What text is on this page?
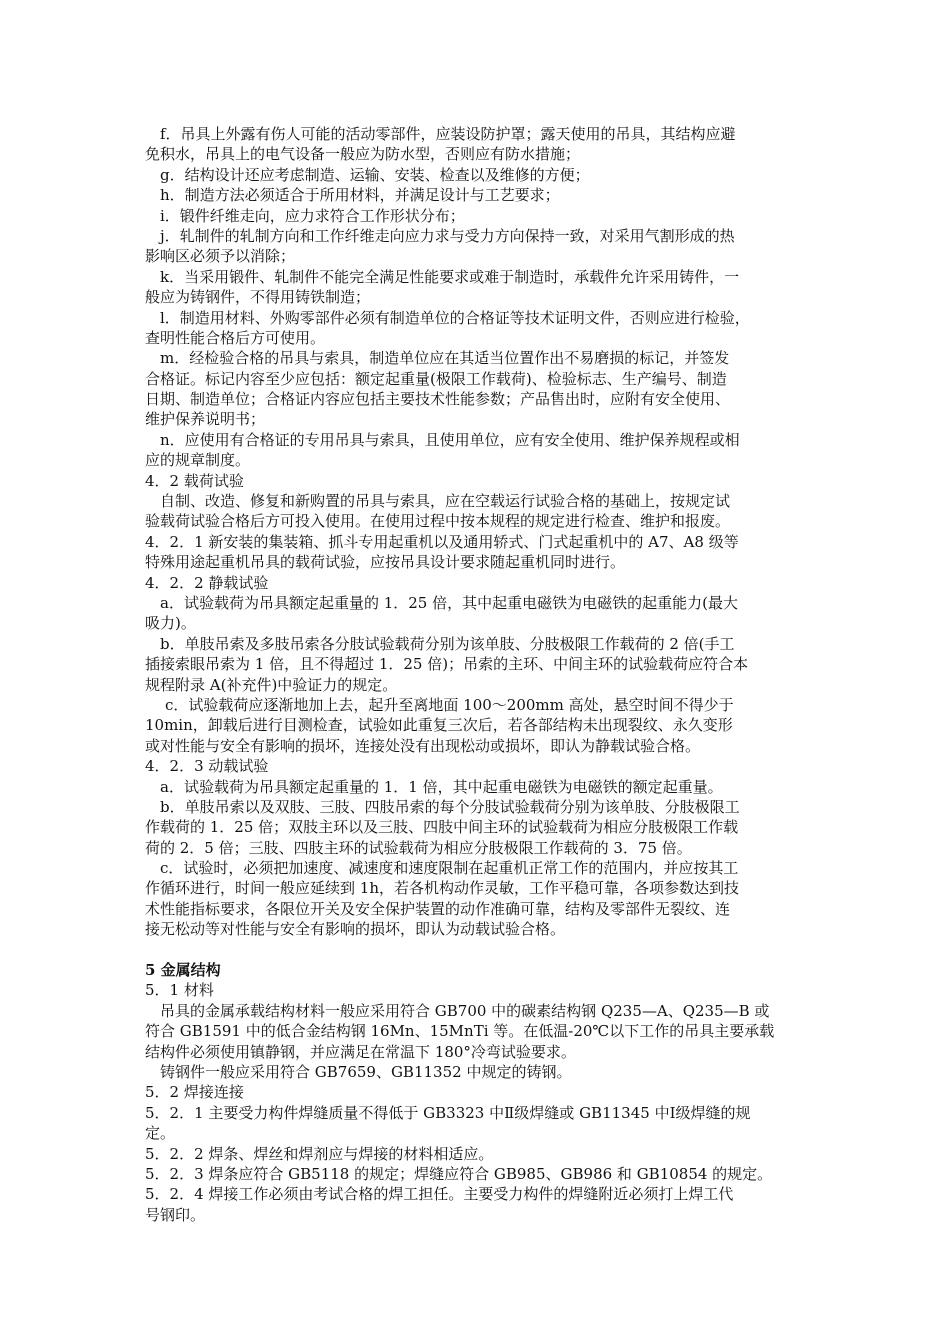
f．吊具上外露有伤人可能的活动零部件，应装设防护罩；露天使用的吊具，其结构应避
免积水，吊具上的电气设备一般应为防水型，否则应有防水措施；
g．结构设计还应考虑制造、运输、安装、检查以及维修的方便；
h．制造方法必须适合于所用材料，并满足设计与工艺要求；
i．锻件纤维走向，应力求符合工作形状分布；
j．轧制件的轧制方向和工作纤维走向应力求与受力方向保持一致，对采用气割形成的热
影响区必须予以消除；
k．当采用锻件、轧制件不能完全满足性能要求或难于制造时，承载件允许采用铸件，一
般应为铸钢件，不得用铸铁制造；
l．制造用材料、外购零部件必须有制造单位的合格证等技术证明文件，否则应进行检验，
查明性能合格后方可使用。
m．经检验合格的吊具与索具，制造单位应在其适当位置作出不易磨损的标记，并签发
合格证。标记内容至少应包括：额定起重量(极限工作载荷)、检验标志、生产编号、制造
日期、制造单位；合格证内容应包括主要技术性能参数；产品售出时，应附有安全使用、
维护保养说明书；
n．应使用有合格证的专用吊具与索具，且使用单位，应有安全使用、维护保养规程或相
应的规章制度。
4．2 载荷试验
自制、改造、修复和新购置的吊具与索具，应在空载运行试验合格的基础上，按规定试
验载荷试验合格后方可投入使用。在使用过程中按本规程的规定进行检查、维护和报废。
4．2．1 新安装的集装箱、抓斗专用起重机以及通用轿式、门式起重机中的 A7、A8 级等
特殊用途起重机吊具的载荷试验，应按吊具设计要求随起重机同时进行。
4．2．2 静载试验
a．试验载荷为吊具额定起重量的 1．25 倍，其中起重电磁铁为电磁铁的起重能力(最大
吸力)。
b．单肢吊索及多肢吊索各分肢试验载荷分别为该单肢、分肢极限工作载荷的 2 倍(手工
插接索眼吊索为 1 倍，且不得超过 1．25 倍)；吊索的主环、中间主环的试验载荷应符合本
规程附录 A(补充件)中验证力的规定。
c．试验载荷应逐渐地加上去，起升至离地面 100～200mm 高处，悬空时间不得少于
10min，卸载后进行目测检查，试验如此重复三次后，若各部结构未出现裂纹、永久变形
或对性能与安全有影响的损坏，连接处没有出现松动或损坏，即认为静载试验合格。
4．2．3 动载试验
a．试验载荷为吊具额定起重量的 1．1 倍，其中起重电磁铁为电磁铁的额定起重量。
b．单肢吊索以及双肢、三肢、四肢吊索的每个分肢试验载荷分别为该单肢、分肢极限工
作载荷的 1．25 倍；双肢主环以及三肢、四肢中间主环的试验载荷为相应分肢极限工作载
荷的 2．5 倍；三肢、四肢主环的试验载荷为相应分肢极限工作载荷的 3．75 倍。
c．试验时，必须把加速度、减速度和速度限制在起重机正常工作的范围内，并应按其工
作循环进行，时间一般应延续到 1h，若各机构动作灵敏，工作平稳可靠，各项参数达到技
术性能指标要求，各限位开关及安全保护装置的动作准确可靠，结构及零部件无裂纹、连
接无松动等对性能与安全有影响的损坏，即认为动载试验合格。
5 金属结构
5．1 材料
吊具的金属承载结构材料一般应采用符合 GB700 中的碳素结构钢 Q235—A、Q235—B 或
符合 GB1591 中的低合金结构钢 16Mn、15MnTi 等。在低温-20℃以下工作的吊具主要承载
结构件必须使用镇静钢，并应满足在常温下 180°冷弯试验要求。
铸钢件一般应采用符合 GB7659、GB11352 中规定的铸钢。
5．2 焊接连接
5．2．1 主要受力构件焊缝质量不得低于 GB3323 中Ⅱ级焊缝或 GB11345 中Ⅰ级焊缝的规
定。
5．2．2 焊条、焊丝和焊剂应与焊接的材料相适应。
5．2．3 焊条应符合 GB5118 的规定；焊缝应符合 GB985、GB986 和 GB10854 的规定。
5．2．4 焊接工作必须由考试合格的焊工担任。主要受力构件的焊缝附近必须打上焊工代
号钢印。
